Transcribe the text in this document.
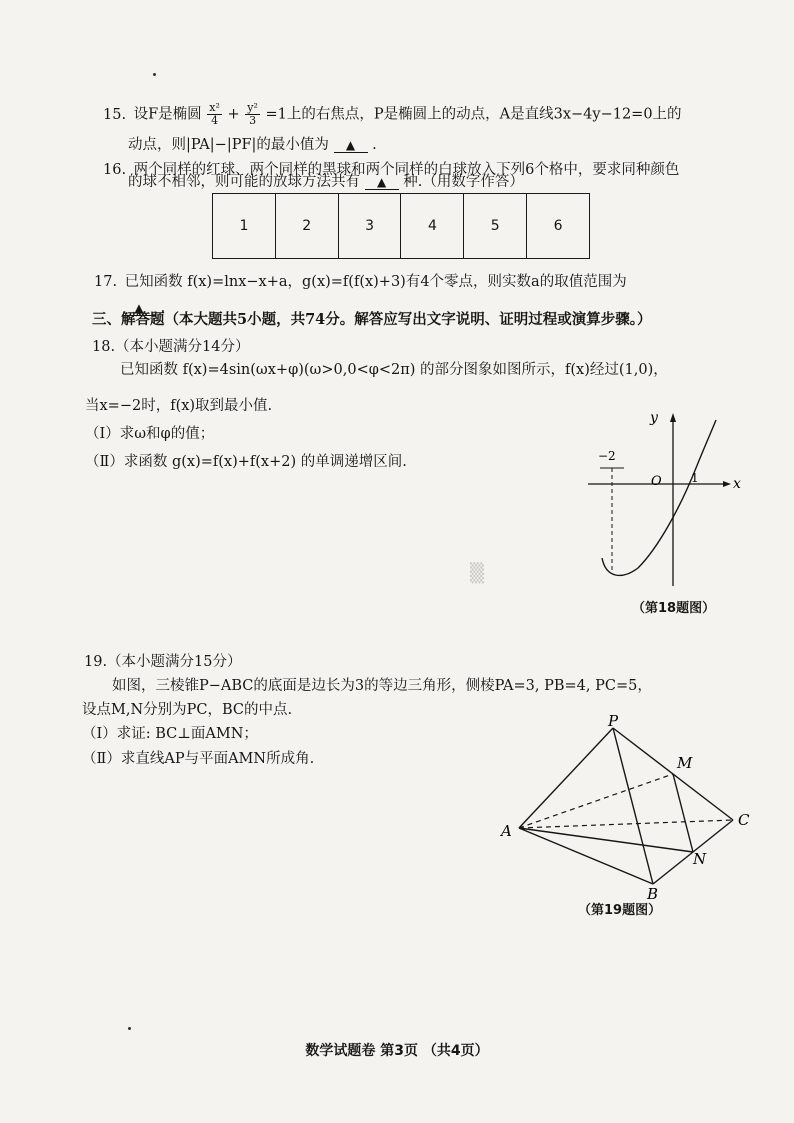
15. 设F是椭圆 $\frac{\text{x²}}{4} + \frac{\text{y²}}{3} =1$上的右焦点，P是椭圆上的动点，A是直线3x−4y−12=0上的
动点，则|PA|−|PF|的最小值为 ▲ .
16. 两个同样的红球、两个同样的黑球和两个同样的白球放入下列6个格中，要求同种颜色
的球不相邻，则可能的放球方法共有 ▲ 种.（用数字作答）
1	2	3	4	5	6
17. 已知函数 f(x)=lnx−x+a，g(x)=f(f(x)+3)有4个零点，则实数a的取值范围为
▲ .
三、解答题（本大题共5小题，共74分。解答应写出文字说明、证明过程或演算步骤。）
18.（本小题满分14分）
已知函数 f(x)=4sin(ωx+φ)(ω>0,0<φ<2π) 的部分图象如图所示，f(x)经过(1,0)，
当x=−2时，f(x)取到最小值.
（Ⅰ）求ω和φ的值；
（Ⅱ）求函数 g(x)=f(x)+f(x+2) 的单调递增区间.
y
x
O 1
−2
（第18题图）
▒
19.（本小题满分15分）
如图，三棱锥P−ABC的底面是边长为3的等边三角形，侧棱PA=3, PB=4, PC=5，
设点M,N分别为PC，BC的中点.
（Ⅰ）求证: BC⊥面AMN；
（Ⅱ）求直线AP与平面AMN所成角.
P
M
A
C
N
B
（第19题图）
数学试题卷 第3页 （共4页）
